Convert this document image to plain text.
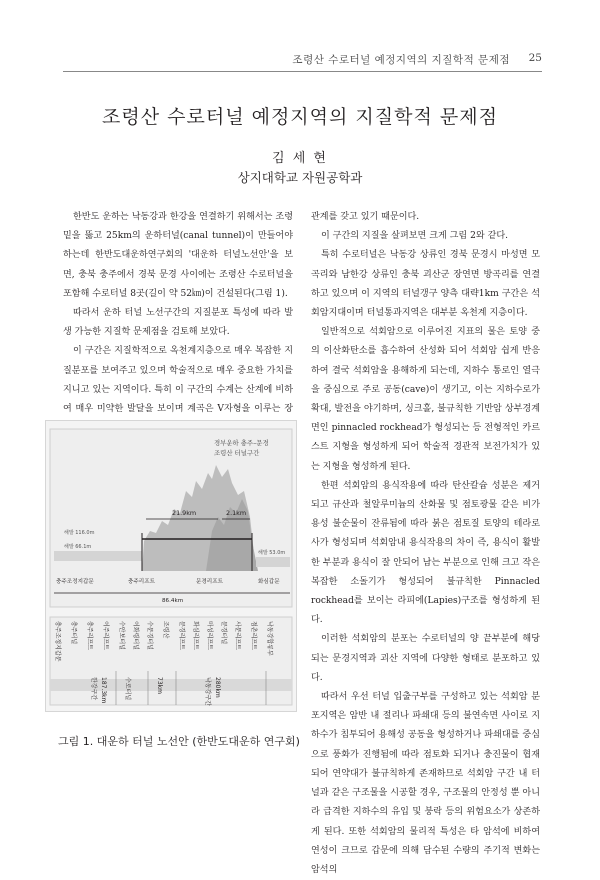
조령산 수로터널 예정지역의 지질학적 문제점 25
조령산 수로터널 예정지역의 지질학적 문제점
김 세 현
상지대학교 자원공학과

한반도 운하는 낙동강과 한강을 연결하기 위해서는 조령밑을 뚫고 25km의 운하터널(canal tunnel)이 만들어야 하는데 한반도대운하연구회의 '대운하 터널노선안'을 보면, 충북 충주에서 경북 문경 사이에는 조령산 수로터널을 포함해 수로터널 8곳(길이 약 52㎞)이 건설된다(그림 1).

따라서 운하 터널 노선구간의 지질분포 특성에 따라 발생 가능한 지질학 문제점을 검토해 보았다.

이 구간은 지질학적으로 옥천계지층으로 매우 복잡한 지질분포를 보여주고 있으며 학술적으로 매우 중요한 가치를 지니고 있는 지역이다. 특히 이 구간의 수계는 산계에 비하여 매우 미약한 발달을 보이며 계곡은 V자형을 이루는 장

경부운하 충주–문경
조령산 터널구간
21.9km	2.1km
해발 116.0m
해발 66.1m
해발 53.0m
충주조정지갑문	충주리프트	문경리프트	화심갑문
86.4km
충주조정지갑문 충주터널 충주리프트 이주리프트 수안보터널 이화령터널 수문경터널 조령산 문경리프트 화심리프트 마성리프트 문경터널 사문리프트 점촌리프트 낙동강합류부
한강구간 187.3km	수로터널	73km	낙동강구간 280km
그림 1. 대운하 터널 노선안 (한반도대운하 연구회)

관계를 갖고 있기 때문이다.

이 구간의 지질을 살펴보면 크게 그림 2와 같다.

특히 수로터널은 낙동강 상류인 경북 문경시 마성면 모곡리와 남한강 상류인 충북 괴산군 장연면 방곡리를 연결하고 있으며 이 지역의 터널갱구 양측 대략1km 구간은 석회암지대이며 터널통과지역은 대부분 옥천계 지층이다.

일반적으로 석회암으로 이루어진 지표의 물은 토양 중의 이산화탄소를 흡수하여 산성화 되어 석회암 쉽게 반응하여 결국 석회암을 용해하게 되는데, 지하수 통로인 열극을 중심으로 주로 공동(cave)이 생기고, 이는 지하수로가 확대, 발전을 야기하며, 싱크홀, 불규칙한 기반암 상부경계면인 pinnacled rockhead가 형성되는 등 전형적인 카르스트 지형을 형성하게 되어 학술적 경관적 보전가치가 있는 지형을 형성하게 된다.

한편 석회암의 용식작용에 따라 탄산칼슘 성분은 제거되고 규산과 철알루미늄의 산화물 및 점토광물 같은 비가용성 불순물이 잔류됨에 따라 붉은 점토질 토양의 테라로사가 형성되며 석회암내 용식작용의 차이 즉, 용식이 활발한 부분과 용식이 잘 안되어 남는 부분으로 인해 크고 작은 복잡한 소돌기가 형성되어 불규칙한 Pinnacled rockhead를 보이는 라피에(Lapies)구조를 형성하게 된다.

이러한 석회암의 분포는 수로터널의 양 끝부분에 해당되는 문경지역과 괴산 지역에 다양한 형태로 분포하고 있다.

따라서 우선 터널 입출구부를 구성하고 있는 석회암 분포지역은 암반 내 절리나 파쇄대 등의 불연속면 사이로 지하수가 침투되어 용해성 공동을 형성하거나 파쇄대를 중심으로 풍화가 진행됨에 따라 점토화 되거나 충진물이 협재되어 연약대가 불규칙하게 존재하므로 석회암 구간 내 터널과 같은 구조물을 시공할 경우, 구조물의 안정성 뿐 아니라 급격한 지하수의 유입 및 붕락 등의 위험요소가 상존하게 된다. 또한 석회암의 물리적 특성은 타 암석에 비하여 연성이 크므로 갑문에 의해 담수된 수량의 주기적 변화는 암석의
